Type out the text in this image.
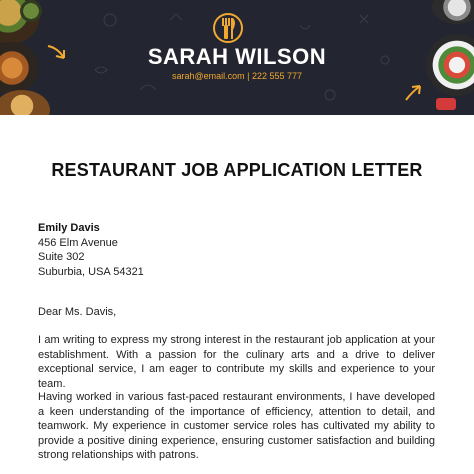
SARAH WILSON
sarah@email.com | 222 555 777
RESTAURANT JOB APPLICATION LETTER
Emily Davis
456 Elm Avenue
Suite 302
Suburbia, USA 54321
Dear Ms. Davis,
I am writing to express my strong interest in the restaurant job application at your establishment. With a passion for the culinary arts and a drive to deliver exceptional service, I am eager to contribute my skills and experience to your team.
Having worked in various fast-paced restaurant environments, I have developed a keen understanding of the importance of efficiency, attention to detail, and teamwork. My experience in customer service roles has cultivated my ability to provide a positive dining experience, ensuring customer satisfaction and building strong relationships with patrons.
